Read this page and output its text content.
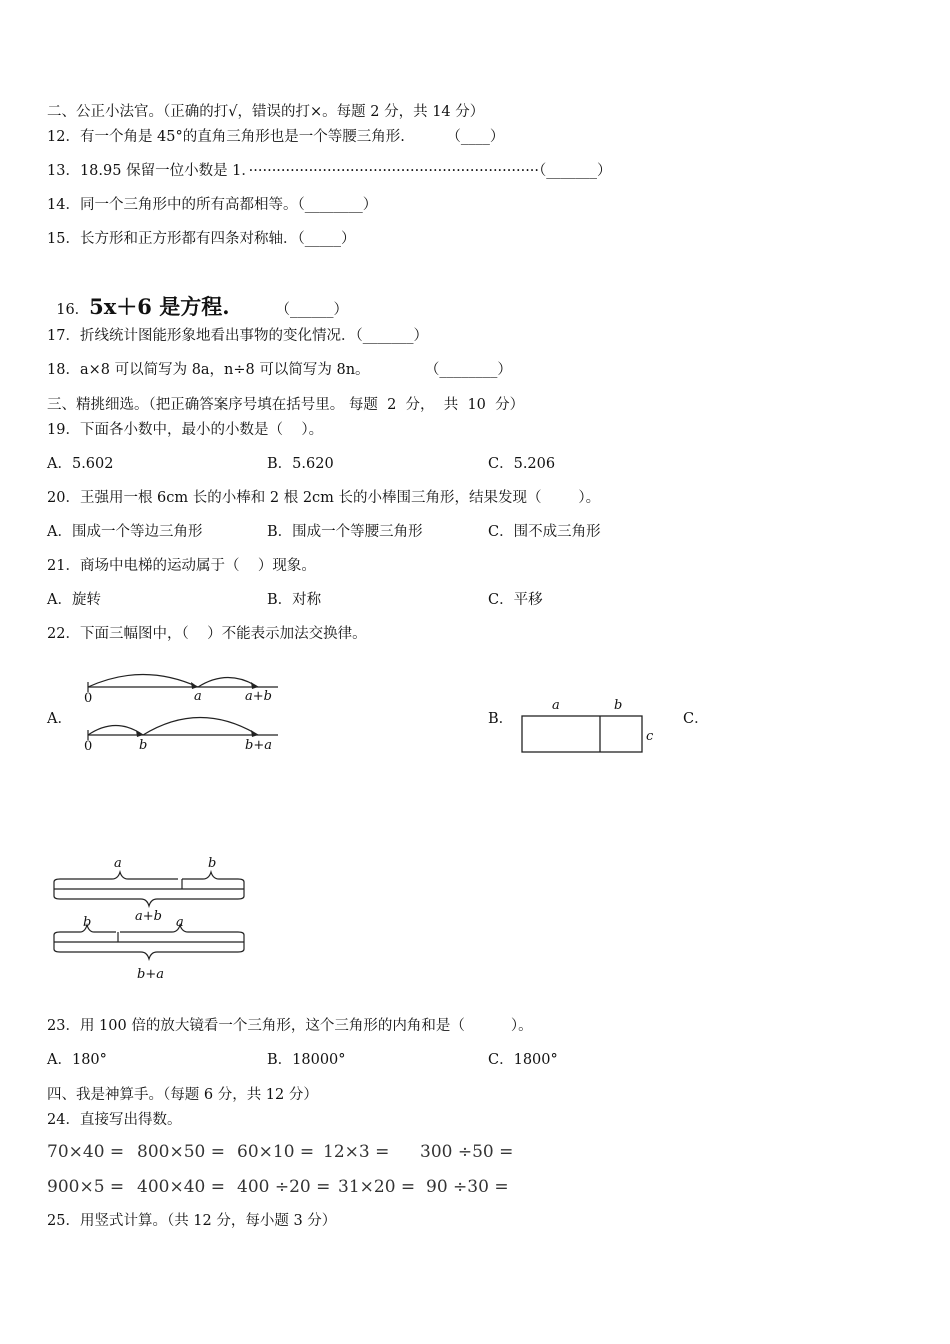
二、公正小法官。（正确的打√，错误的打×。每题 2 分，共 14 分）
12．有一个角是 45°的直角三角形也是一个等腰三角形.         （____）
13．18.95 保留一位小数是 1．·······························································（_______）
14．同一个三角形中的所有高都相等。（________）
15．长方形和正方形都有四条对称轴．（_____）

16．5x＋6 是方程.	（______）

17．折线统计图能形象地看出事物的变化情况．（_______）
18．a×8 可以简写为 8a，n÷8 可以简写为 8n。            （________）
三、精挑细选。（把正确答案序号填在括号里。 每题  2  分，  共  10  分）
19．下面各小数中，最小的小数是（    ）。
A．5.602	B．5.620	C．5.206
20．王强用一根 6cm 长的小棒和 2 根 2cm 长的小棒围三角形，结果发现（        ）。
A．围成一个等边三角形	B．围成一个等腰三角形	C．围不成三角形
21．商场中电梯的运动属于（    ）现象。
A．旋转	B．对称	C．平移
22．下面三幅图中，（    ）不能表示加法交换律。
A．	B．	C．
0	a	a+b
0	b	b+a
a	b
c
a	b
a+b
b	a
b+a
23．用 100 倍的放大镜看一个三角形，这个三角形的内角和是（          ）。
A．180°	B．18000°	C．1800°
四、我是神算手。（每题 6 分，共 12 分）
24．直接写出得数。
70×40 = 800×50 = 60×10 = 12×3 = 300 ÷50 =
900×5 = 400×40 = 400 ÷20 = 31×20 = 90 ÷30 =
25．用竖式计算。（共 12 分，每小题 3 分）
